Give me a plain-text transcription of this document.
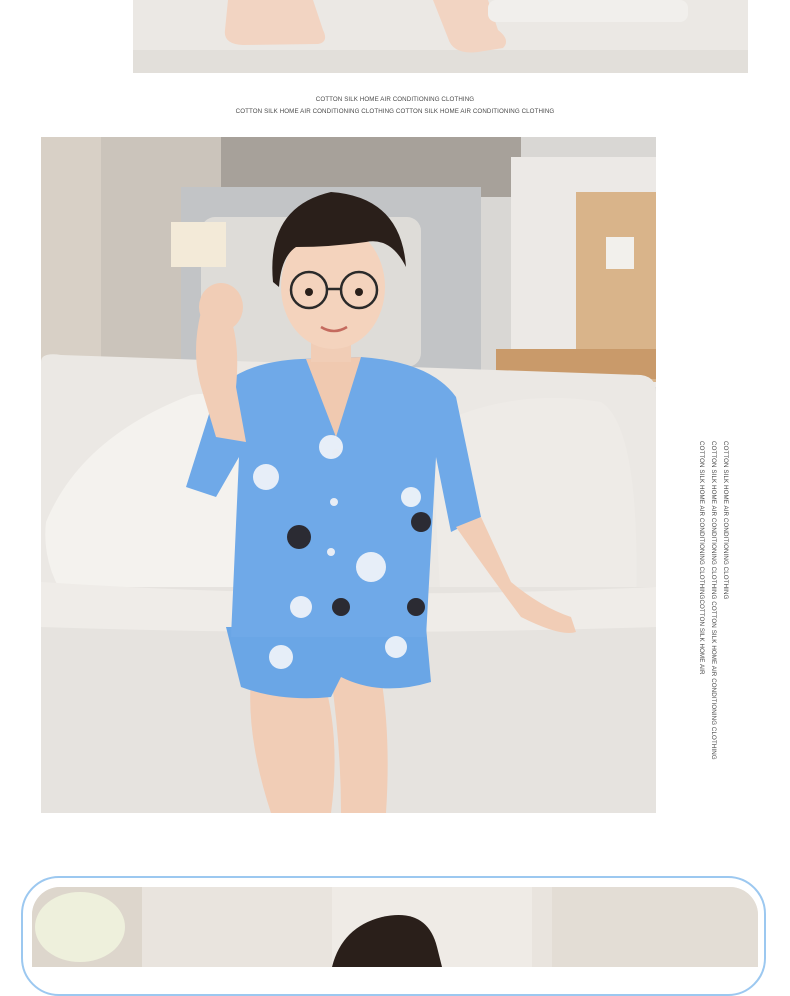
COTTON SILK HOME AIR CONDITIONING CLOTHING
COTTON SILK HOME AIR CONDITIONING CLOTHING COTTON SILK HOME AIR CONDITIONING CLOTHING
COTTON SILK HOME AIR CONDITIONING CLOTHING
COTTON SILK HOME AIR CONDITIONING CLOTHING COTTON SILK HOME AIR CONDITIONING CLOTHING
COTTON SILK HOME AIR CONDITIONING CLOTHINGCOTTON SILK HOME AIR
